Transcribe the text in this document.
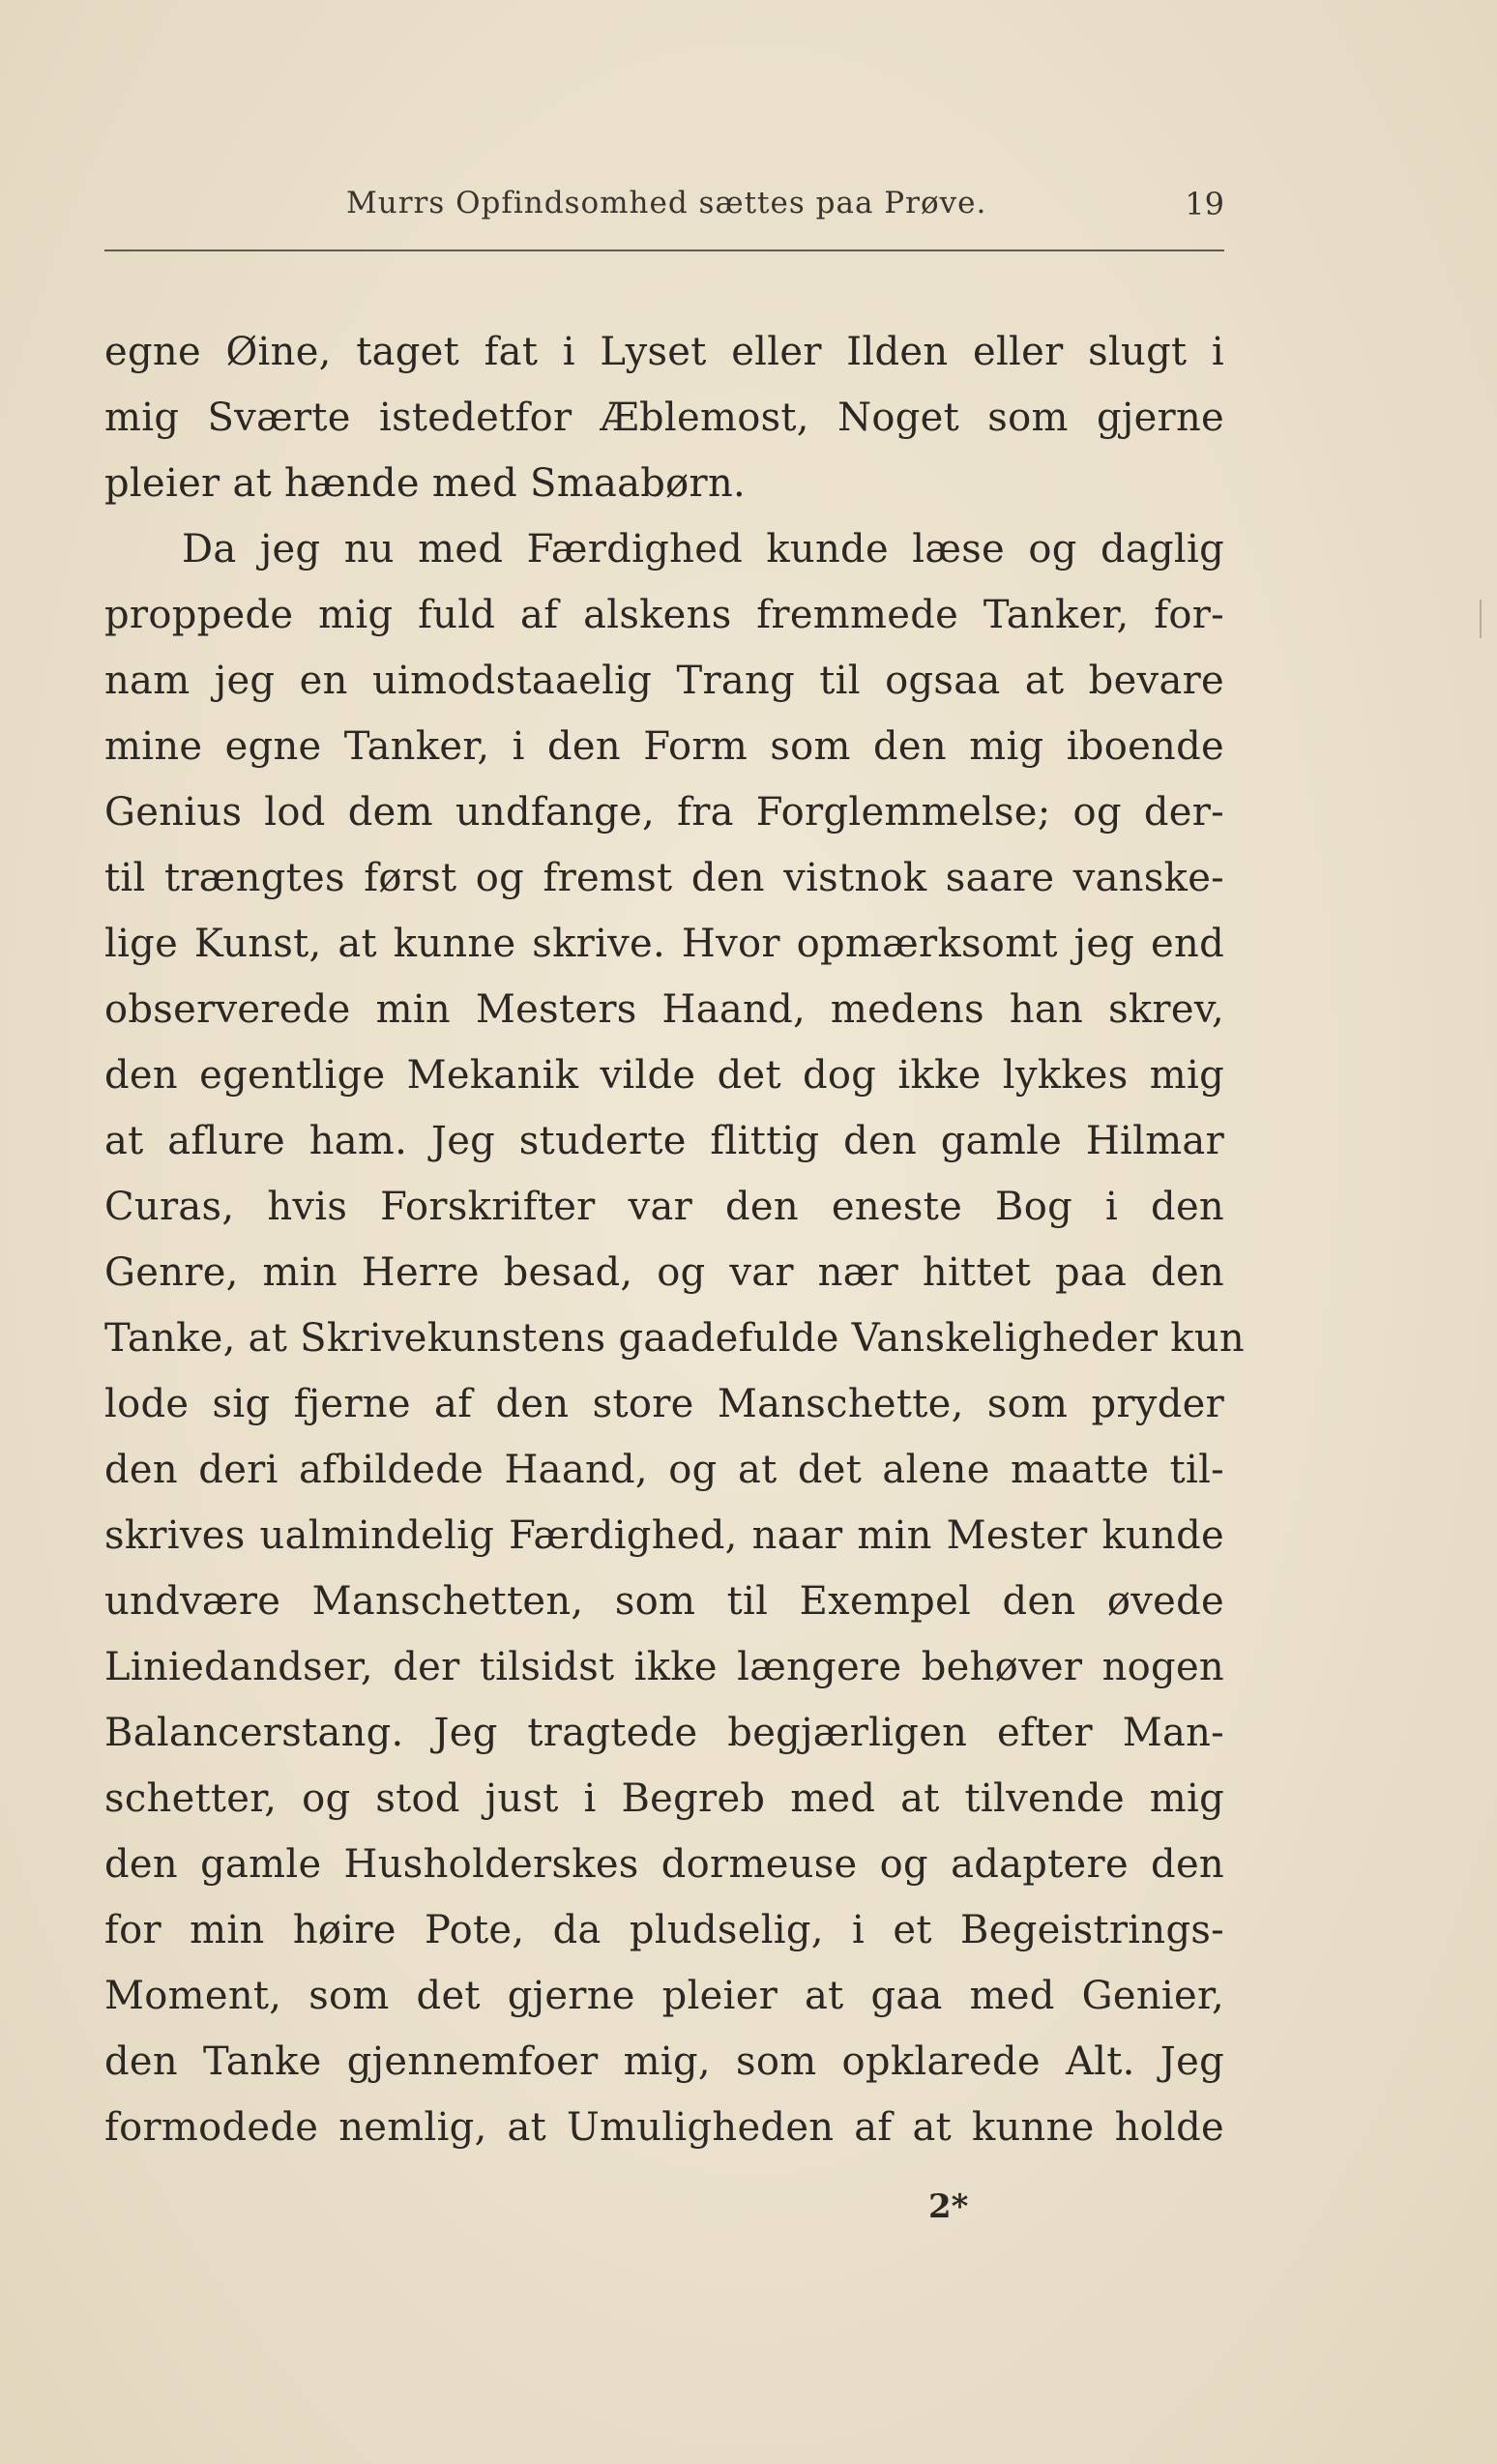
Murrs Opfindsomhed sættes paa Prøve.	19
egne Øine, taget fat i Lyset eller Ilden eller slugt i
mig Sværte istedetfor Æblemost, Noget som gjerne
pleier at hænde med Smaabørn.
Da jeg nu med Færdighed kunde læse og daglig
proppede mig fuld af alskens fremmede Tanker, for-
nam jeg en uimodstaaelig Trang til ogsaa at bevare
mine egne Tanker, i den Form som den mig iboende
Genius lod dem undfange, fra Forglemmelse; og der-
til trængtes først og fremst den vistnok saare vanske-
lige Kunst, at kunne skrive. Hvor opmærksomt jeg end
observerede min Mesters Haand, medens han skrev,
den egentlige Mekanik vilde det dog ikke lykkes mig
at aflure ham. Jeg studerte flittig den gamle Hilmar
Curas, hvis Forskrifter var den eneste Bog i den
Genre, min Herre besad, og var nær hittet paa den
Tanke, at Skrivekunstens gaadefulde Vanskeligheder kun
lode sig fjerne af den store Manschette, som pryder
den deri afbildede Haand, og at det alene maatte til-
skrives ualmindelig Færdighed, naar min Mester kunde
undvære Manschetten, som til Exempel den øvede
Liniedandser, der tilsidst ikke længere behøver nogen
Balancerstang. Jeg tragtede begjærligen efter Man-
schetter, og stod just i Begreb med at tilvende mig
den gamle Husholderskes dormeuse og adaptere den
for min høire Pote, da pludselig, i et Begeistrings-
Moment, som det gjerne pleier at gaa med Genier,
den Tanke gjennemfoer mig, som opklarede Alt. Jeg
formodede nemlig, at Umuligheden af at kunne holde
2*
